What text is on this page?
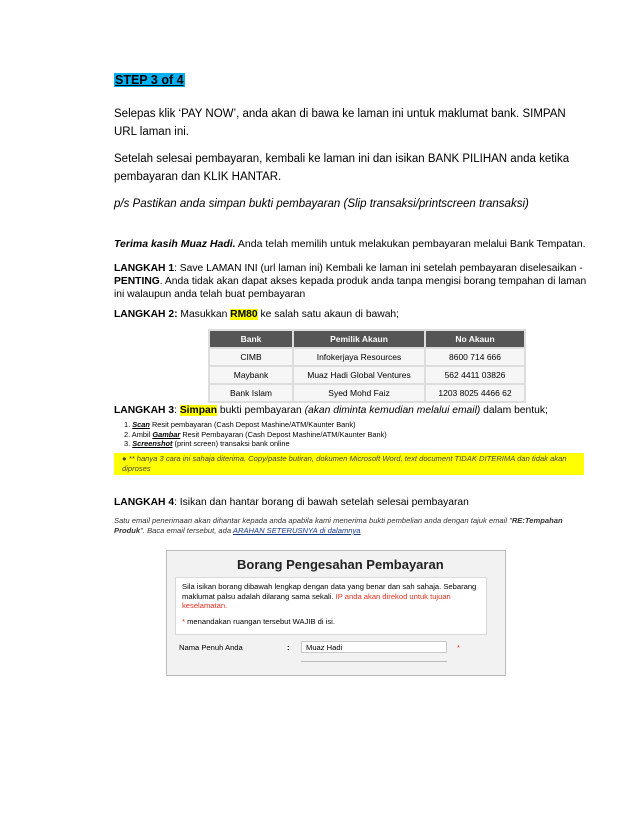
STEP 3 of 4
Selepas klik ‘PAY NOW’, anda akan di bawa ke laman ini untuk maklumat bank. SIMPAN URL laman ini.
Setelah selesai pembayaran, kembali ke laman ini dan isikan BANK PILIHAN anda ketika pembayaran dan KLIK HANTAR.
p/s Pastikan anda simpan bukti pembayaran (Slip transaksi/printscreen transaksi)
Terima kasih Muaz Hadi. Anda telah memilih untuk melakukan pembayaran melalui Bank Tempatan.
LANGKAH 1: Save LAMAN INI (url laman ini) Kembali ke laman ini setelah pembayaran diselesaikan - PENTING. Anda tidak akan dapat akses kepada produk anda tanpa mengisi borang tempahan di laman ini walaupun anda telah buat pembayaran
LANGKAH 2: Masukkan RM80 ke salah satu akaun di bawah;
Bank	Pemilik Akaun	No Akaun
CIMB	Infokerjaya Resources	8600 714 666
Maybank	Muaz Hadi Global Ventures	562 4411 03826
Bank Islam	Syed Mohd Faiz	1203 8025 4466 62
LANGKAH 3: Simpan bukti pembayaran (akan diminta kemudian melalui email) dalam bentuk;
1. Scan Resit pembayaran (Cash Depost Mashine/ATM/Kaunter Bank)
2. Ambil Gambar Resit Pembayaran (Cash Depost Mashine/ATM/Kaunter Bank)
3. Screenshot (print screen) transaksi bank online
● ** hanya 3 cara ini sahaja diterima. Copy/paste butiran, dokumen Microsoft Word, text document TIDAK DITERIMA dan tidak akan diproses
LANGKAH 4: Isikan dan hantar borang di bawah setelah selesai pembayaran
Satu email penerimaan akan dihantar kepada anda apabila kami menerima bukti pembelian anda dengan tajuk email "RE:Tempahan Produk". Baca email tersebut, ada ARAHAN SETERUSNYA di dalamnya
Borang Pengesahan Pembayaran
Sila isikan borang dibawah lengkap dengan data yang benar dan sah sahaja. Sebarang maklumat palsu adalah dilarang sama sekali. IP anda akan direkod untuk tujuan keselamatan.
* menandakan ruangan tersebut WAJIB di isi.
Nama Penuh Anda	:	Muaz Hadi	*
